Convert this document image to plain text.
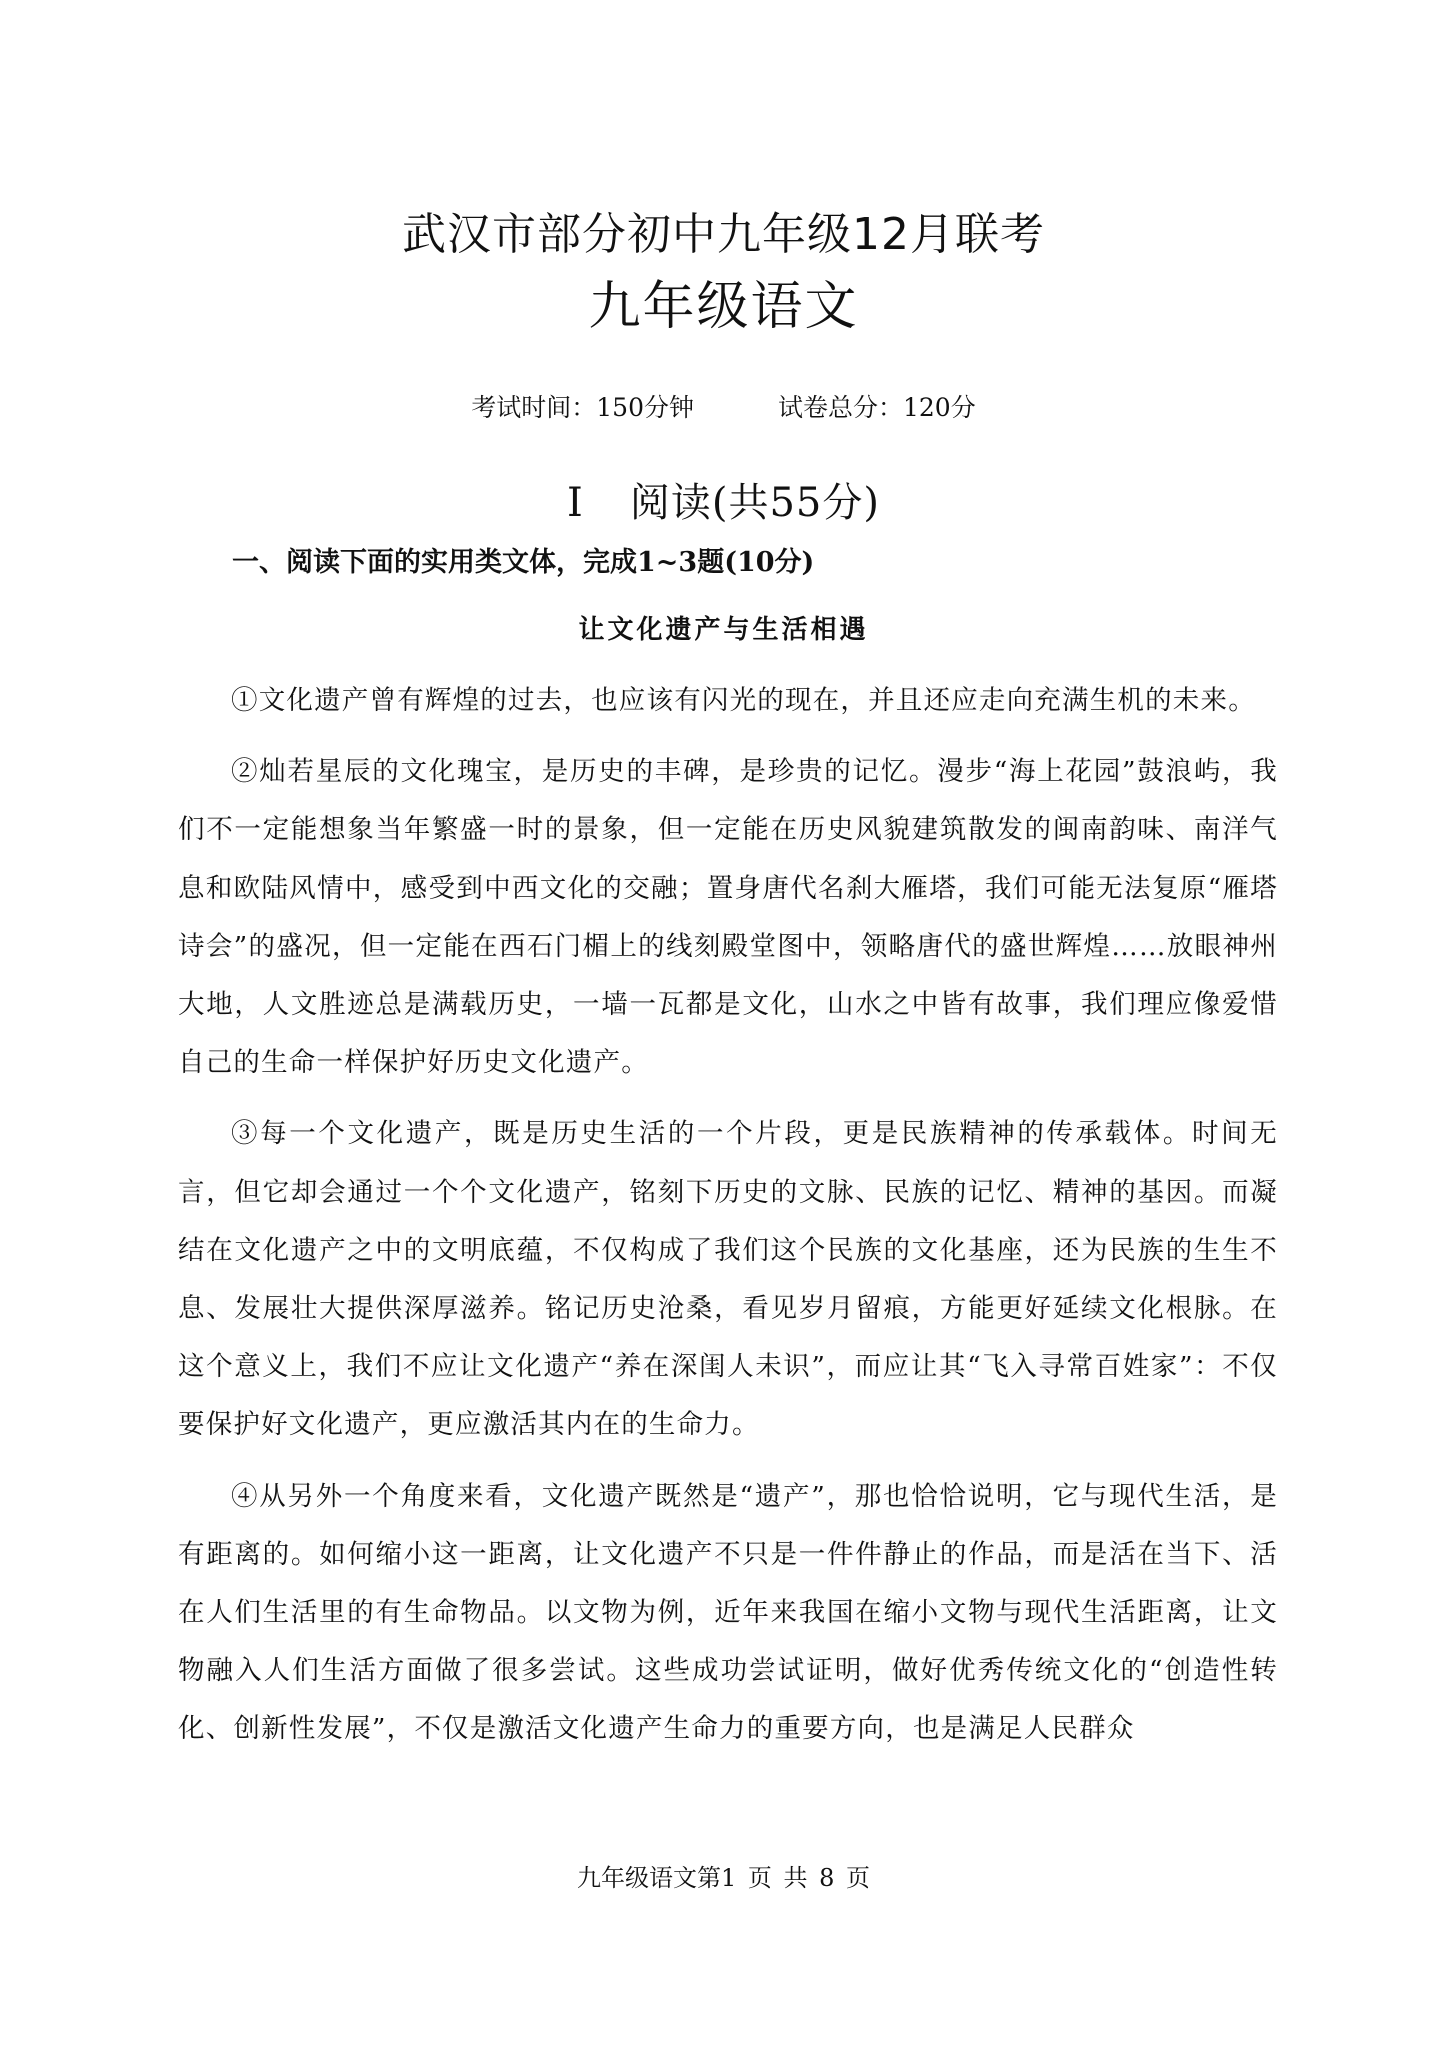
武汉市部分初中九年级12月联考
九年级语文
考试时间：150分钟	试卷总分：120分
I 阅读(共55分)
一、阅读下面的实用类文体，完成1~3题(10分)
让文化遗产与生活相遇

①文化遗产曾有辉煌的过去，也应该有闪光的现在，并且还应走向充满生机的未来。

②灿若星辰的文化瑰宝，是历史的丰碑，是珍贵的记忆。漫步“海上花园”鼓浪屿，我们不一定能想象当年繁盛一时的景象，但一定能在历史风貌建筑散发的闽南韵味、南洋气息和欧陆风情中，感受到中西文化的交融；置身唐代名刹大雁塔，我们可能无法复原“雁塔诗会”的盛况，但一定能在西石门楣上的线刻殿堂图中，领略唐代的盛世辉煌……放眼神州大地，人文胜迹总是满载历史，一墙一瓦都是文化，山水之中皆有故事，我们理应像爱惜自己的生命一样保护好历史文化遗产。

③每一个文化遗产，既是历史生活的一个片段，更是民族精神的传承载体。时间无言，但它却会通过一个个文化遗产，铭刻下历史的文脉、民族的记忆、精神的基因。而凝结在文化遗产之中的文明底蕴，不仅构成了我们这个民族的文化基座，还为民族的生生不息、发展壮大提供深厚滋养。铭记历史沧桑，看见岁月留痕，方能更好延续文化根脉。在这个意义上，我们不应让文化遗产“养在深闺人未识”，而应让其“飞入寻常百姓家”：不仅要保护好文化遗产，更应激活其内在的生命力。

④从另外一个角度来看，文化遗产既然是“遗产”，那也恰恰说明，它与现代生活，是有距离的。如何缩小这一距离，让文化遗产不只是一件件静止的作品，而是活在当下、活在人们生活里的有生命物品。以文物为例，近年来我国在缩小文物与现代生活距离，让文物融入人们生活方面做了很多尝试。这些成功尝试证明，做好优秀传统文化的“创造性转化、创新性发展”，不仅是激活文化遗产生命力的重要方向，也是满足人民群众

九年级语文第1 页 共 8 页
